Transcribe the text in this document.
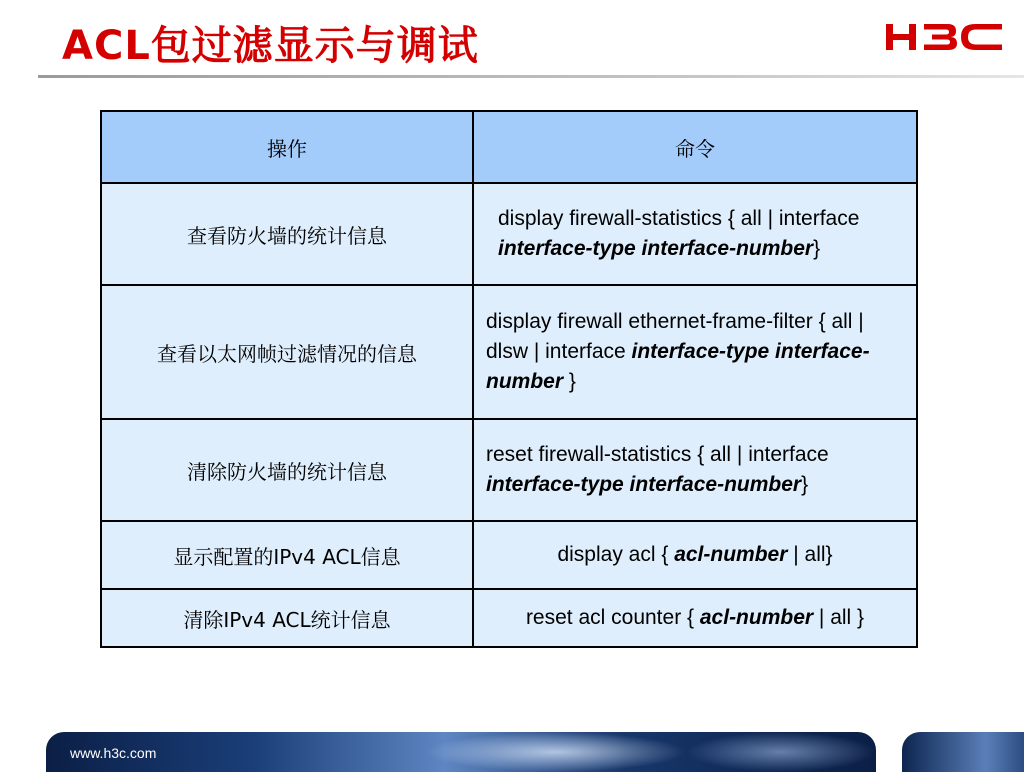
ACL包过滤显示与调试
操作	命令
查看防火墙的统计信息	display firewall-statistics { all | interface interface-type interface-number}

查看以太网帧过滤情况的信息	display firewall ethernet-frame-filter { all | dlsw | interface interface-type interface-number }

清除防火墙的统计信息	reset firewall-statistics { all | interface interface-type interface-number}

显示配置的IPv4 ACL信息	display acl { acl-number | all}

清除IPv4 ACL统计信息	reset acl counter { acl-number | all }
www.h3c.com
